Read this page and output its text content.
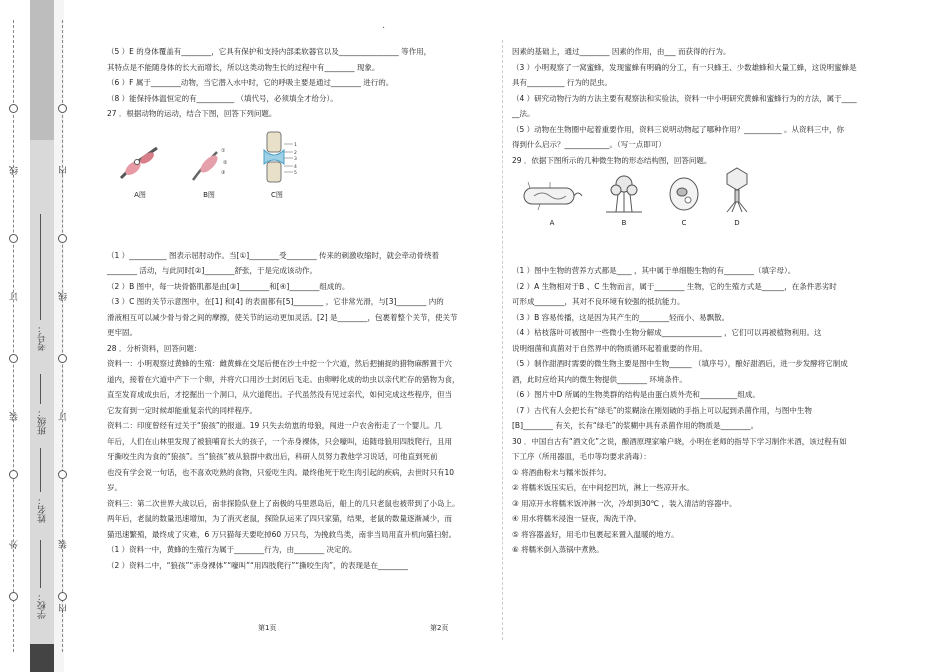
.
线
订
装
外
学校：
姓名：
班级：
考号：
内
线
订
装
内

（5 ）E 的身体覆盖有________，它具有保护和支持内部柔软器官以及________________ 等作用，

其特点是不能随身体的长大而增长，所以这类动物生长的过程中有________ 现象。

（6 ）F 属于________动物，当它潜入水中时，它的呼吸主要是通过________ 进行的。

（8 ）能保持体温恒定的有__________ （填代号，必须填全才给分）。

27 ．根据动物的运动，结合下图，回答下列问题。

A图
①
②
③
B图
1
2
3
4
5
C图

（1 ）__________ 图表示屈肘动作。当[①]________受________ 传来的刺激收缩时，就会牵动骨绕着

________ 活动，与此同时[②]________舒张，于是完成该动作。

（2 ）B 图中，每一块骨骼肌都是由[③]________和[④]________组成的。

（3 ）C 图的关节示意图中，在[1] 和[4] 的表面都有[5]________ ，它非常光滑，与[3]________ 内的

滑液相互可以减少骨与骨之间的摩擦，使关节的运动更加灵活。[2] 是________，包裹着整个关节，使关节

更牢固。

28 ．分析资料，回答问题：

资料一：小明观察过黄蜂的生殖：雌黄蜂在交尾后便在沙土中挖一个穴道，然后把捕捉的猎物麻醉置于穴

道内，接着在穴道中产下一个卵，并将穴口用沙土封闭后飞走。由卵孵化成的幼虫以亲代贮存的猎物为食，

直至发育成成虫后，才挖掘出一个洞口，从穴道爬出。子代虽然没有见过亲代，如何完成这些程序，但当

它发育到一定时候却能重复亲代的同样程序。

资料二：印度曾经有过关于“狼孩”的报道。19 只失去幼崽的母狼，闯进一户农舍衔走了一个婴儿。几

年后，人们在山林里发现了被狼哺育长大的孩子，一个赤身裸体，只会嚎叫，追随母狼用四肢爬行，且用

牙撕咬生肉为食的“狼孩”。当“狼孩”被从狼群中救出后，科研人员努力教他学习说话，可他直到死前

也没有学会说一句话，也不喜欢吃熟的食物，只爱吃生肉。最终他死于吃生肉引起的疾病，去世时只有10

岁。

资料三：第二次世界大战以后，南非探险队登上了南极的马里恩岛后，船上的几只老鼠也被带到了小岛上。

两年后，老鼠的数量迅速增加，为了消灭老鼠，探险队运来了四只家猫，结果，老鼠的数量逐渐减少，而

猫迅速繁殖，最终成了灾难，6 万只猫每天要吃掉60 万只鸟，为挽救鸟类，南非当局用直升机向猫扫射。

（1 ）资料一中，黄蜂的生殖行为属于________行为，由________ 决定的。

（2 ）资料二中，“狼孩”“赤身裸体”“嚎叫”“用四肢爬行”“撕咬生肉”，的表现是在________

因素的基础上，通过________ 因素的作用，由___ 而获得的行为。

（3 ）小明观察了一窝蜜蜂，发现蜜蜂有明确的分工，有一只蜂王、少数雄蜂和大量工蜂，这说明蜜蜂是

具有__________ 行为的昆虫。

（4 ）研究动物行为的方法主要有观察法和实验法，资料一中小明研究黄蜂和蜜蜂行为的方法，属于____

__法。

（5 ）动物在生物圈中起着重要作用，资料三说明动物起了哪种作用？__________ 。从资料三中，你

得到什么启示？____________。（写一点即可）

29 ．依据下图所示的几种微生物的形态结构图，回答问题。

A	B	C	D

（1 ）图中生物的营养方式都是____ ，其中属于单细胞生物的有________（填字母）。

（2 ）A 生物相对于B 、C 生物而言，属于________ 生物，它的生殖方式是______，在条件恶劣时

可形成________，其对不良环境有较强的抵抗能力。

（3 ）B 容易传播，这是因为其产生的________轻而小、易飘散。

（4 ）枯枝落叶可被图中一些微小生物分解成________________ ，它们可以再被植物利用。这

说明细菌和真菌对于自然界中的物质循环起着重要的作用。

（5 ）制作甜酒时需要的微生物主要是图中生物______ （填序号），酿好甜酒后，进一步发酵将它制成

酒，此时应给其内的微生物提供________ 环境条件。

（6 ）图片中D 所属的生物类群的结构是由蛋白质外壳和__________组成。

（7 ）古代有人会把长有“绿毛”的浆糊涂在刚划破的手指上可以起到杀菌作用，与图中生物

[B]________ 有关，长有“绿毛”的浆糊中具有杀菌作用的物质是________。

30 ．中国自古有“酒文化”之说，酿酒原理家喻户晓，小明在老师的指导下学习制作米酒，该过程有如

下工序（所用器皿，毛巾等均要求消毒）：

① 将酒曲粉末与糯米饭拌匀。

② 将糯米饭压实后，在中间挖凹坑，淋上一些凉开水。

③ 用凉开水将糯米饭冲淋一次，冷却到30℃ ，装入清洁的容器中。

④ 用水将糯米浸泡一昼夜，淘洗干净。

⑤ 将容器盖好，用毛巾包裹起来置入温暖的地方。

⑥ 将糯米倒入蒸锅中煮熟。

第1页	第2页
